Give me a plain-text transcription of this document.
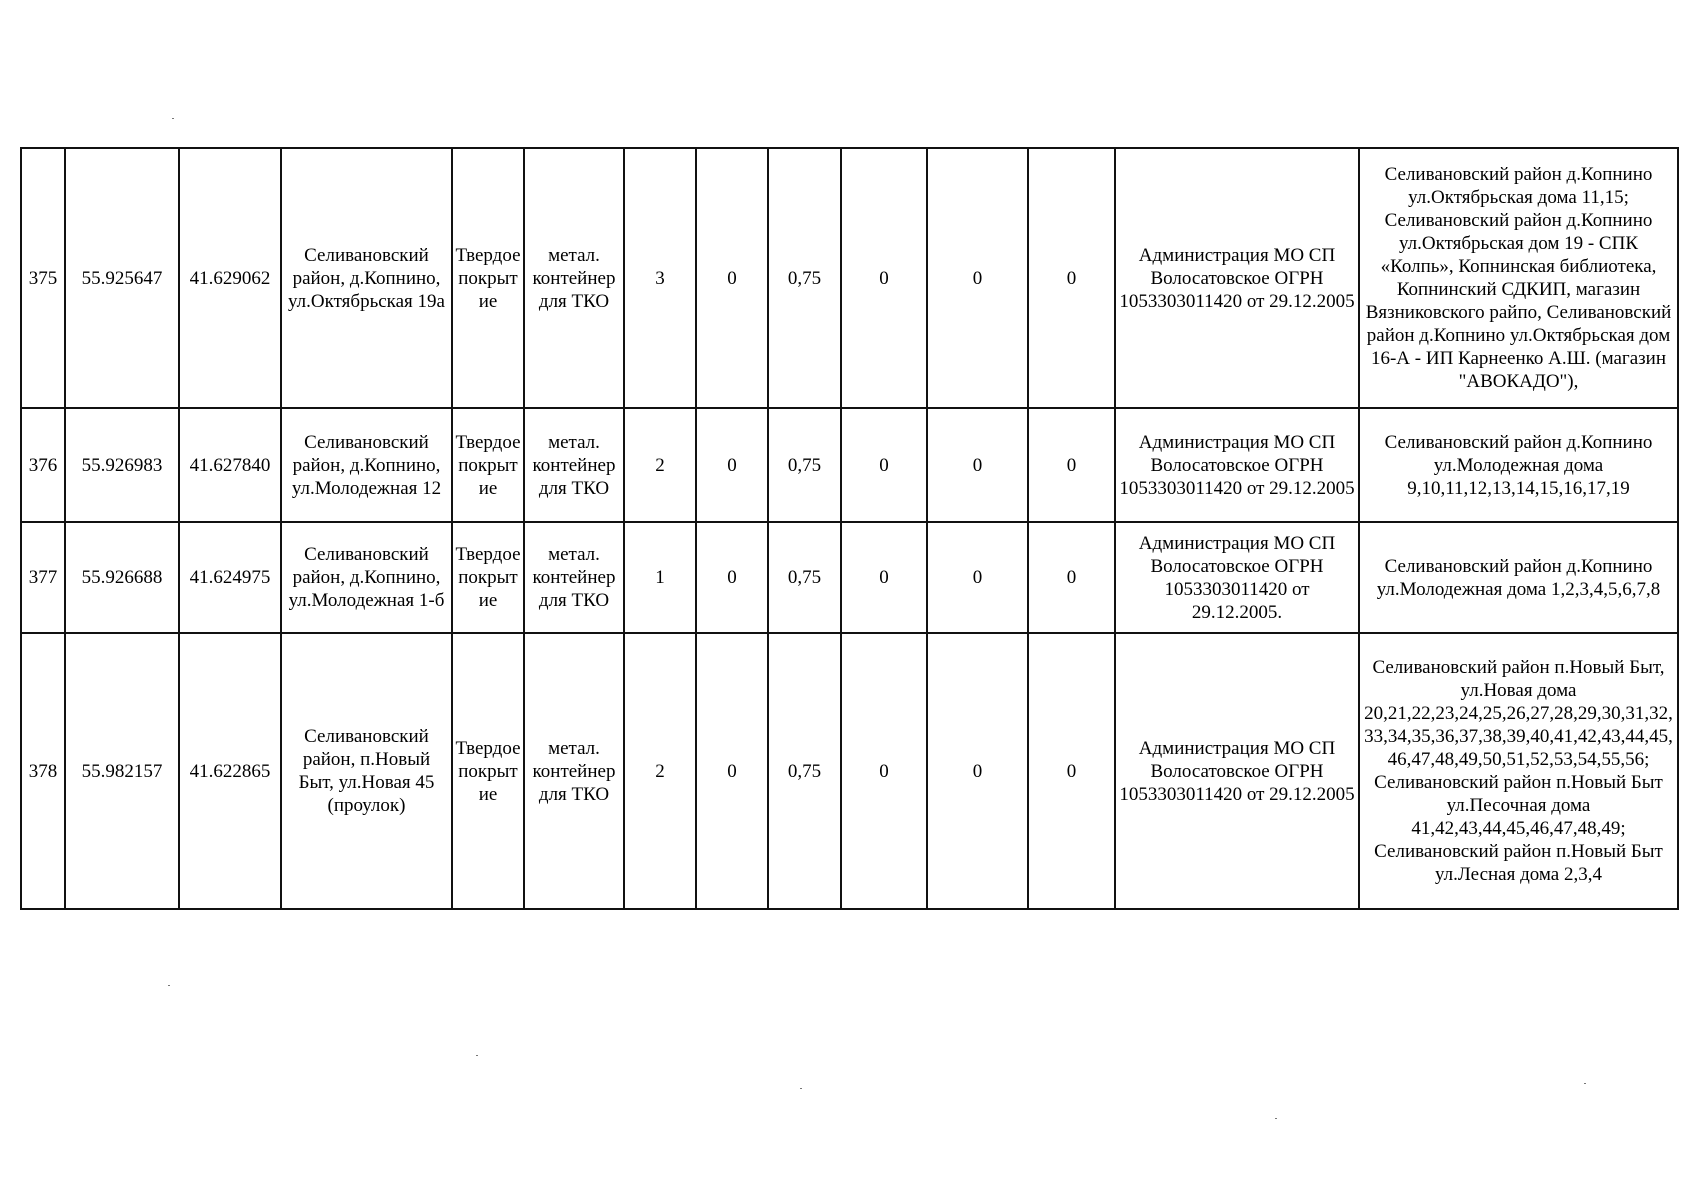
375	55.925647	41.629062	Селивановский район, д.Копнино, ул.Октябрьская 19а	Твердое покрытие	метал. контейнер для ТКО	3	0	0,75	0	0	0	Администрация МО СП Волосатовское ОГРН 1053303011420 от 29.12.2005	Селивановский район д.Копнино ул.Октябрьская дома 11,15; Селивановский район д.Копнино ул.Октябрьская дом 19 - СПК «Колпь», Копнинская библиотека, Копнинский СДКИП, магазин Вязниковского райпо, Селивановский район д.Копнино ул.Октябрьская дом 16-А - ИП Карнеенко А.Ш. (магазин "АВОКАДО"),
376	55.926983	41.627840	Селивановский район, д.Копнино, ул.Молодежная 12	Твердое покрытие	метал. контейнер для ТКО	2	0	0,75	0	0	0	Администрация МО СП Волосатовское ОГРН 1053303011420 от 29.12.2005	Селивановский район д.Копнино ул.Молодежная дома 9,10,11,12,13,14,15,16,17,19
377	55.926688	41.624975	Селивановский район, д.Копнино, ул.Молодежная 1-б	Твердое покрытие	метал. контейнер для ТКО	1	0	0,75	0	0	0	Администрация МО СП Волосатовское ОГРН 1053303011420 от 29.12.2005.	Селивановский район д.Копнино ул.Молодежная дома 1,2,3,4,5,6,7,8
378	55.982157	41.622865	Селивановский район, п.Новый Быт, ул.Новая 45 (проулок)	Твердое покрытие	метал. контейнер для ТКО	2	0	0,75	0	0	0	Администрация МО СП Волосатовское ОГРН 1053303011420 от 29.12.2005	Селивановский район п.Новый Быт, ул.Новая дома 20,21,22,23,24,25,26,27,28,29,30,31,32,33,34,35,36,37,38,39,40,41,42,43,44,45,46,47,48,49,50,51,52,53,54,55,56; Селивановский район п.Новый Быт ул.Песочная дома 41,42,43,44,45,46,47,48,49; Селивановский район п.Новый Быт ул.Лесная дома 2,3,4
